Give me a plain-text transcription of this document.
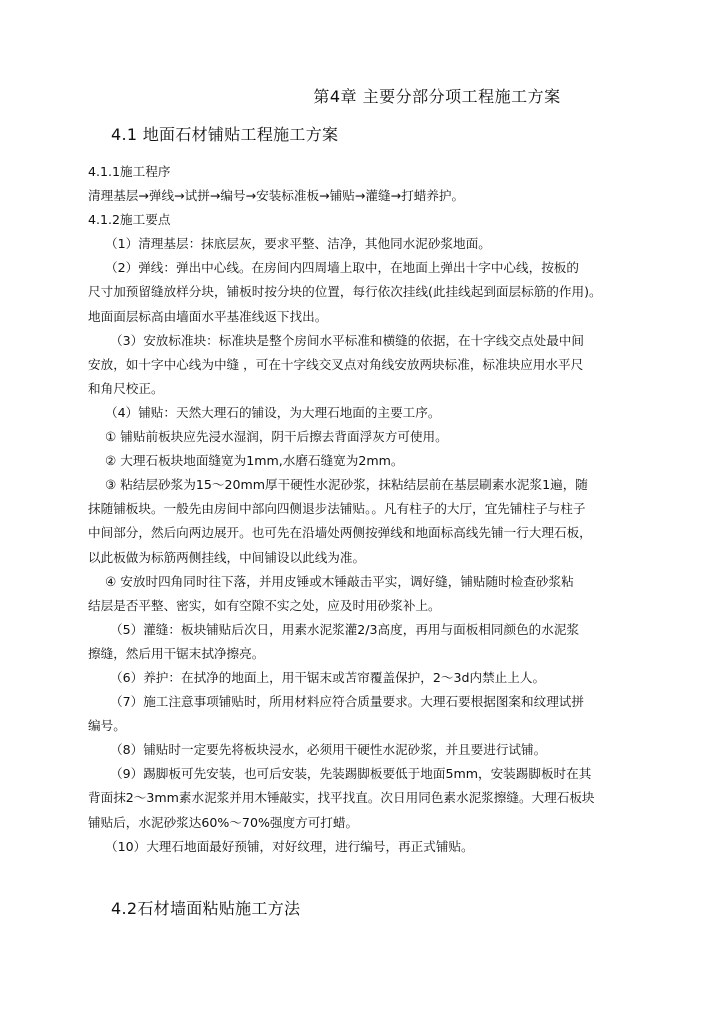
第4章 主要分部分项工程施工方案
4.1 地面石材铺贴工程施工方案

4.1.1施工程序

清理基层→弹线→试拼→编号→安装标准板→铺贴→灌缝→打蜡养护。

4.1.2施工要点

（1）清理基层：抹底层灰，要求平整、洁净，其他同水泥砂浆地面。

（2）弹线：弹出中心线。在房间内四周墙上取中，在地面上弹出十字中心线，按板的

尺寸加预留缝放样分块，铺板时按分块的位置，每行依次挂线(此挂线起到面层标筋的作用)。

地面面层标高由墙面水平基准线返下找出。

（3）安放标准块：标准块是整个房间水平标准和横缝的依据，在十字线交点处最中间

安放，如十字中心线为中缝 ，可在十字线交叉点对角线安放两块标准，标准块应用水平尺

和角尺校正。

（4）铺贴：天然大理石的铺设，为大理石地面的主要工序。

① 铺贴前板块应先浸水湿润，阴干后擦去背面浮灰方可使用。

② 大理石板块地面缝宽为1mm,水磨石缝宽为2mm。

③ 粘结层砂浆为15～20mm厚干硬性水泥砂浆，抹粘结层前在基层刷素水泥浆1遍，随

抹随铺板块。一般先由房间中部向四侧退步法铺贴。。凡有柱子的大厅，宜先铺柱子与柱子

中间部分，然后向两边展开。也可先在沿墙处两侧按弹线和地面标高线先铺一行大理石板，

以此板做为标筋两侧挂线，中间铺设以此线为准。

④ 安放时四角同时往下落，并用皮锤或木锤敲击平实，调好缝，铺贴随时检查砂浆粘

结层是否平整、密实，如有空隙不实之处，应及时用砂浆补上。

（5）灌缝：板块铺贴后次日，用素水泥浆灌2/3高度，再用与面板相同颜色的水泥浆

擦缝，然后用干锯末拭净擦亮。

（6）养护：在拭净的地面上，用干锯末或苫帘覆盖保护，2～3d内禁止上人。

（7）施工注意事项铺贴时，所用材料应符合质量要求。大理石要根据图案和纹理试拼

编号。

（8）铺贴时一定要先将板块浸水，必须用干硬性水泥砂浆，并且要进行试铺。

（9）踢脚板可先安装，也可后安装，先装踢脚板要低于地面5mm，安装踢脚板时在其

背面抹2～3mm素水泥浆并用木锤敲实，找平找直。次日用同色素水泥浆擦缝。大理石板块

铺贴后，水泥砂浆达60%～70%强度方可打蜡。

（10）大理石地面最好预铺，对好纹理，进行编号，再正式铺贴。

4.2石材墙面粘贴施工方法
